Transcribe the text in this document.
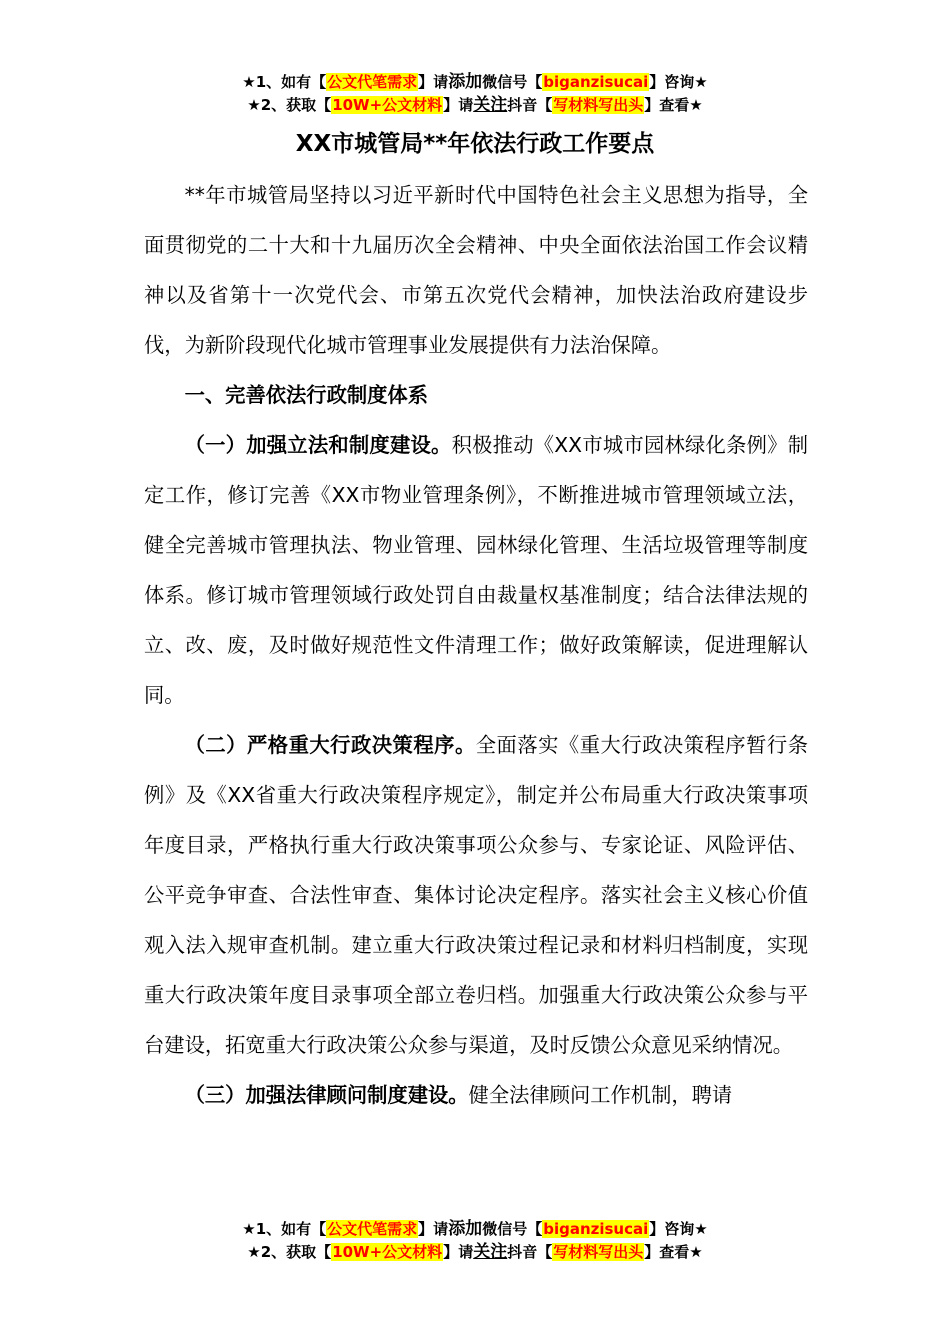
★1、如有【公文代笔需求】请添加微信号【biganzisucai】咨询★
★2、获取【10W+公文材料】请关注抖音【写材料写出头】查看★
XX市城管局**年依法行政工作要点

**年市城管局坚持以习近平新时代中国特色社会主义思想为指导，全面贯彻党的二十大和十九届历次全会精神、中央全面依法治国工作会议精神以及省第十一次党代会、市第五次党代会精神，加快法治政府建设步伐，为新阶段现代化城市管理事业发展提供有力法治保障。

一、完善依法行政制度体系

（一）加强立法和制度建设。积极推动《XX市城市园林绿化条例》制定工作，修订完善《XX市物业管理条例》，不断推进城市管理领域立法，健全完善城市管理执法、物业管理、园林绿化管理、生活垃圾管理等制度体系。修订城市管理领域行政处罚自由裁量权基准制度；结合法律法规的立、改、废，及时做好规范性文件清理工作；做好政策解读，促进理解认同。

（二）严格重大行政决策程序。全面落实《重大行政决策程序暂行条例》及《XX省重大行政决策程序规定》，制定并公布局重大行政决策事项年度目录，严格执行重大行政决策事项公众参与、专家论证、风险评估、公平竞争审查、合法性审查、集体讨论决定程序。落实社会主义核心价值观入法入规审查机制。建立重大行政决策过程记录和材料归档制度，实现重大行政决策年度目录事项全部立卷归档。加强重大行政决策公众参与平台建设，拓宽重大行政决策公众参与渠道，及时反馈公众意见采纳情况。

（三）加强法律顾问制度建设。健全法律顾问工作机制，聘请

★1、如有【公文代笔需求】请添加微信号【biganzisucai】咨询★
★2、获取【10W+公文材料】请关注抖音【写材料写出头】查看★
